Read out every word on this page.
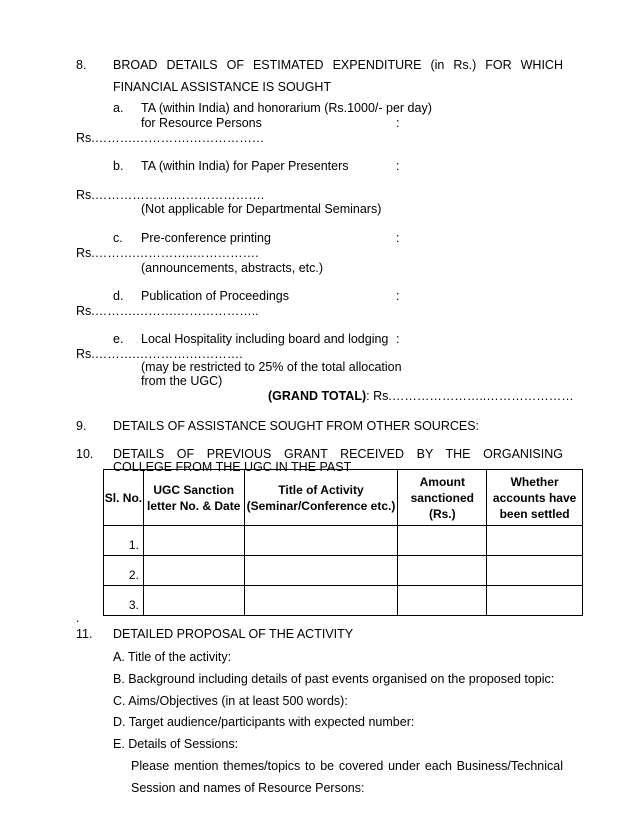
8. BROAD DETAILS OF ESTIMATED EXPENDITURE (in Rs.) FOR WHICH
FINANCIAL ASSISTANCE IS SOUGHT
a. TA (within India) and honorarium (Rs.1000/- per day)
for Resource Persons	:
Rs.……….………….………………
b. TA (within India) for Paper Presenters	:
Rs.……………….………………….
(Not applicable for Departmental Seminars)
c. Pre-conference printing	:
Rs.……….…………..…………….
(announcements, abstracts, etc.)
d. Publication of Proceedings	:
Rs.……….……….………………..
e. Local Hospitality including board and lodging :
Rs.……….………….………….
(may be restricted to 25% of the total allocation
from the UGC)
(GRAND TOTAL): Rs.…………………..…………………
9. DETAILS OF ASSISTANCE SOUGHT FROM OTHER SOURCES:
10. DETAILS OF PREVIOUS GRANT RECEIVED BY THE ORGANISING
COLLEGE FROM THE UGC IN THE PAST
Sl. No.	UGC Sanction letter No. & Date	Title of Activity (Seminar/Conference etc.)	Amount sanctioned (Rs.)	Whether accounts have been settled
1.				
2.				
3.				
.
11. DETAILED PROPOSAL OF THE ACTIVITY
A. Title of the activity:
B. Background including details of past events organised on the proposed topic:
C. Aims/Objectives (in at least 500 words):
D. Target audience/participants with expected number:
E. Details of Sessions:
Please mention themes/topics to be covered under each Business/Technical
Session and names of Resource Persons:
